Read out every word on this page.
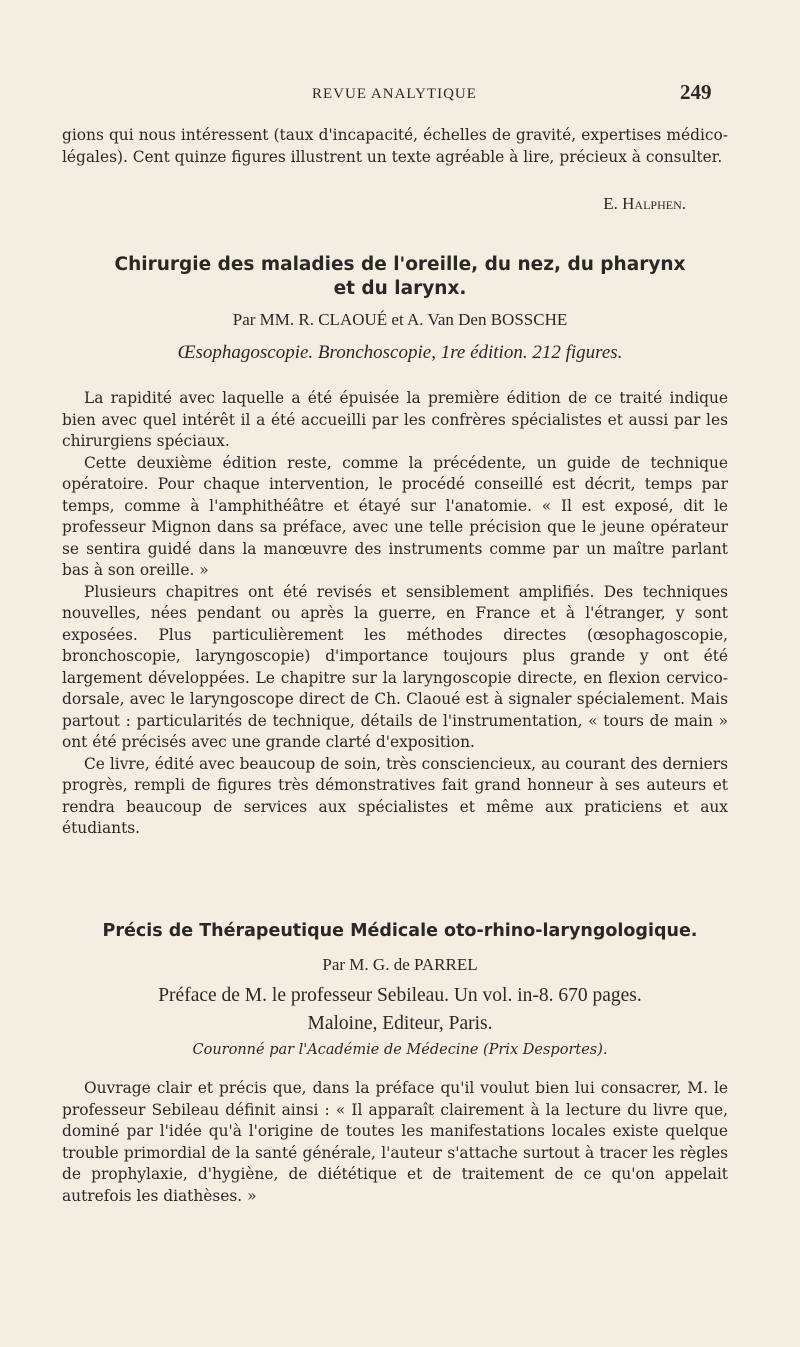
REVUE ANALYTIQUE	249

gions qui nous intéressent (taux d'incapacité, échelles de gravité, expertises médico-légales). Cent quinze figures illustrent un texte agréable à lire, précieux à consulter.

E. Halphen.
Chirurgie des maladies de l'oreille, du nez, du pharynx
et du larynx.
Par MM. R. CLAOUÉ et A. Van Den BOSSCHE
Œsophagoscopie. Bronchoscopie, 1re édition. 212 figures.

La rapidité avec laquelle a été épuisée la première édition de ce traité indique bien avec quel intérêt il a été accueilli par les confrères spécialistes et aussi par les chirurgiens spéciaux.

Cette deuxième édition reste, comme la précédente, un guide de technique opératoire. Pour chaque intervention, le procédé conseillé est décrit, temps par temps, comme à l'amphithéâtre et étayé sur l'anatomie. « Il est exposé, dit le professeur Mignon dans sa préface, avec une telle précision que le jeune opérateur se sentira guidé dans la manœuvre des instruments comme par un maître parlant bas à son oreille. »

Plusieurs chapitres ont été revisés et sensiblement amplifiés. Des techniques nouvelles, nées pendant ou après la guerre, en France et à l'étranger, y sont exposées. Plus particulièrement les méthodes directes (œsophagoscopie, bronchoscopie, laryngoscopie) d'importance toujours plus grande y ont été largement développées. Le chapitre sur la laryngoscopie directe, en flexion cervico-dorsale, avec le laryngoscope direct de Ch. Claoué est à signaler spécialement. Mais partout : particularités de technique, détails de l'instrumentation, « tours de main » ont été précisés avec une grande clarté d'exposition.

Ce livre, édité avec beaucoup de soin, très consciencieux, au courant des derniers progrès, rempli de figures très démonstratives fait grand honneur à ses auteurs et rendra beaucoup de services aux spécialistes et même aux praticiens et aux étudiants.

Précis de Thérapeutique Médicale oto-rhino-laryngologique.
Par M. G. de PARREL
Préface de M. le professeur Sebileau. Un vol. in-8. 670 pages.
Maloine, Editeur, Paris.
Couronné par l'Académie de Médecine (Prix Desportes).

Ouvrage clair et précis que, dans la préface qu'il voulut bien lui consacrer, M. le professeur Sebileau définit ainsi : « Il apparaît clairement à la lecture du livre que, dominé par l'idée qu'à l'origine de toutes les manifestations locales existe quelque trouble primordial de la santé générale, l'auteur s'attache surtout à tracer les règles de prophylaxie, d'hygiène, de diététique et de traitement de ce qu'on appelait autrefois les diathèses. »
